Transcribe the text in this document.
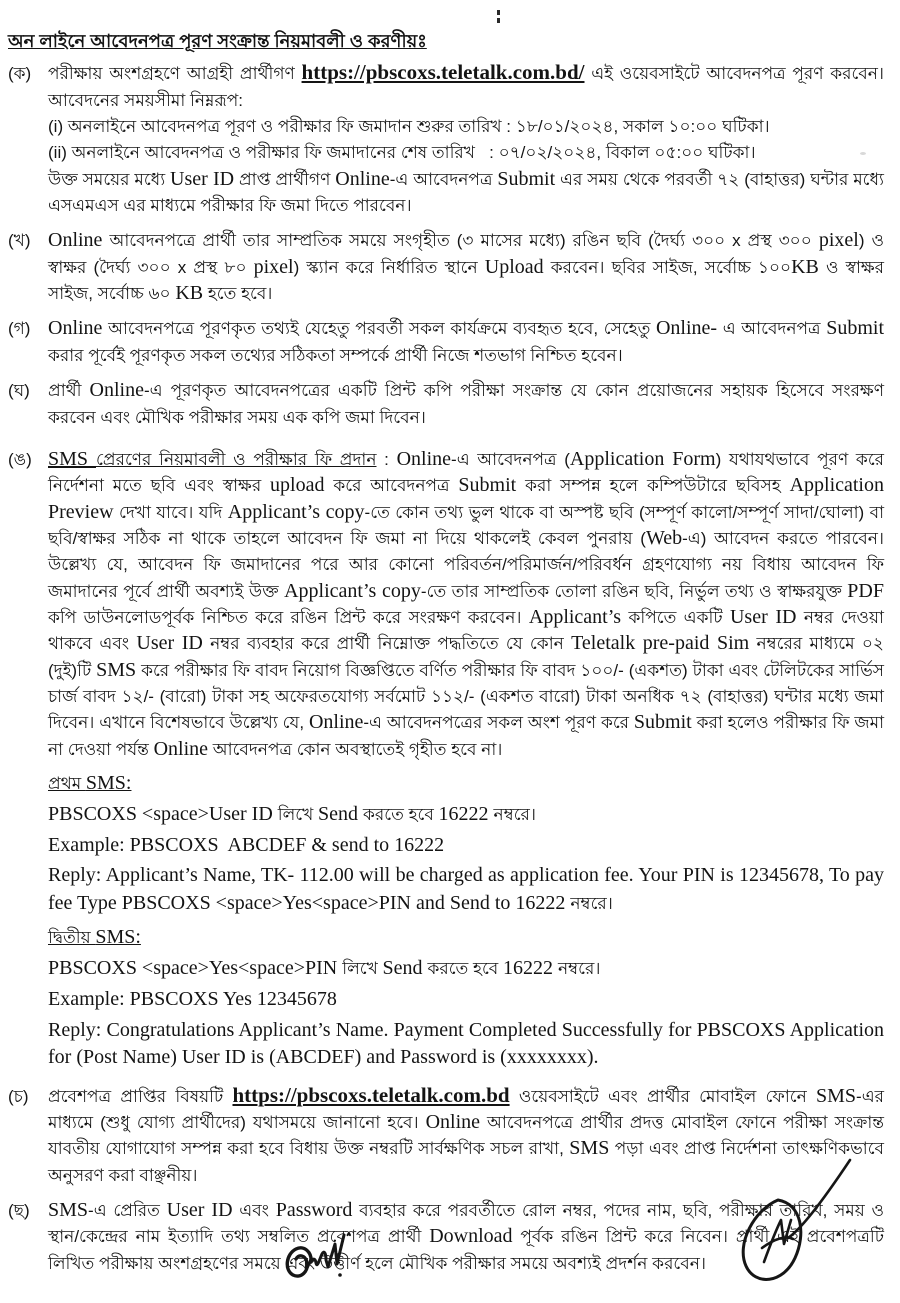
অন লাইনে আবেদনপত্র পূরণ সংক্রান্ত নিয়মাবলী ও করণীয়ঃ
(ক) পরীক্ষায় অংশগ্রহণে আগ্রহী প্রার্থীগণ https://pbscoxs.teletalk.com.bd/ এই ওয়েবসাইটে আবেদনপত্র পূরণ করবেন। আবেদনের সময়সীমা নিম্নরূপ:

(i) অনলাইনে আবেদনপত্র পূরণ ও পরীক্ষার ফি জমাদান শুরুর তারিখ : ১৮/০১/২০২৪, সকাল ১০:০০ ঘটিকা।

(ii) অনলাইনে আবেদনপত্র ও পরীক্ষার ফি জমাদানের শেষ তারিখ   : ০৭/০২/২০২৪, বিকাল ০৫:০০ ঘটিকা।

উক্ত সময়ের মধ্যে User ID প্রাপ্ত প্রার্থীগণ Online-এ আবেদনপত্র Submit এর সময় থেকে পরবর্তী ৭২ (বাহাত্তর) ঘন্টার মধ্যে এসএমএস এর মাধ্যমে পরীক্ষার ফি জমা দিতে পারবেন।

(খ) Online আবেদনপত্রে প্রার্থী তার সাম্প্রতিক সময়ে সংগৃহীত (৩ মাসের মধ্যে) রঙিন ছবি (দৈর্ঘ্য ৩০০ x প্রস্থ ৩০০ pixel) ও স্বাক্ষর (দৈর্ঘ্য ৩০০ x প্রস্থ ৮০ pixel) স্ক্যান করে নির্ধারিত স্থানে Upload করবেন। ছবির সাইজ, সর্বোচ্চ ১০০KB ও স্বাক্ষর সাইজ, সর্বোচ্চ ৬০ KB হতে হবে।

(গ) Online আবেদনপত্রে পূরণকৃত তথ্যই যেহেতু পরবর্তী সকল কার্যক্রমে ব্যবহৃত হবে, সেহেতু Online- এ আবেদনপত্র Submit করার পূর্বেই পূরণকৃত সকল তথ্যের সঠিকতা সম্পর্কে প্রার্থী নিজে শতভাগ নিশ্চিত হবেন।

(ঘ)	প্রার্থী Online-এ পূরণকৃত আবেদনপত্রের একটি প্রিন্ট কপি পরীক্ষা সংক্রান্ত যে কোন প্রয়োজনের সহায়ক হিসেবে সংরক্ষণ করবেন এবং মৌখিক পরীক্ষার সময় এক কপি জমা দিবেন।

(ঙ) SMS প্রেরণের নিয়মাবলী ও পরীক্ষার ফি প্রদান : Online-এ আবেদনপত্র (Application Form) যথাযথভাবে পূরণ করে নির্দেশনা মতে ছবি এবং স্বাক্ষর upload করে আবেদনপত্র Submit করা সম্পন্ন হলে কম্পিউটারে ছবিসহ Application Preview দেখা যাবে। যদি Applicant’s copy-তে কোন তথ্য ভুল থাকে বা অস্পষ্ট ছবি (সম্পূর্ণ কালো/সম্পূর্ণ সাদা/ঘোলা) বা ছবি/স্বাক্ষর সঠিক না থাকে তাহলে আবেদন ফি জমা না দিয়ে থাকলেই কেবল পুনরায় (Web-এ) আবেদন করতে পারবেন। উল্লেখ্য যে, আবেদন ফি জমাদানের পরে আর কোনো পরিবর্তন/পরিমার্জন/পরিবর্ধন গ্রহণযোগ্য নয় বিধায় আবেদন ফি জমাদানের পূর্বে প্রার্থী অবশ্যই উক্ত Applicant’s copy-তে তার সাম্প্রতিক তোলা রঙিন ছবি, নির্ভুল তথ্য ও স্বাক্ষরযুক্ত PDF কপি ডাউনলোডপূর্বক নিশ্চিত করে রঙিন প্রিন্ট করে সংরক্ষণ করবেন। Applicant’s কপিতে একটি User ID নম্বর দেওয়া থাকবে এবং User ID নম্বর ব্যবহার করে প্রার্থী নিম্নোক্ত পদ্ধতিতে যে কোন Teletalk pre-paid Sim নম্বরের মাধ্যমে ০২ (দুই)টি SMS করে পরীক্ষার ফি বাবদ নিয়োগ বিজ্ঞপ্তিতে বর্ণিত পরীক্ষার ফি বাবদ ১০০/- (একশত) টাকা এবং টেলিটকের সার্ভিস চার্জ বাবদ ১২/- (বারো) টাকা সহ অফেরতযোগ্য সর্বমোট ১১২/- (একশত বারো) টাকা অনধিক ৭২ (বাহাত্তর) ঘন্টার মধ্যে জমা দিবেন। এখানে বিশেষভাবে উল্লেখ্য যে, Online-এ আবেদনপত্রের সকল অংশ পূরণ করে Submit করা হলেও পরীক্ষার ফি জমা না দেওয়া পর্যন্ত Online আবেদনপত্র কোন অবস্থাতেই গৃহীত হবে না।

প্রথম SMS:

PBSCOXS <space>User ID লিখে Send করতে হবে 16222 নম্বরে।

Example: PBSCOXS  ABCDEF & send to 16222

Reply: Applicant’s Name, TK- 112.00 will be charged as application fee. Your PIN is 12345678, To pay fee Type PBSCOXS <space>Yes<space>PIN and Send to 16222 নম্বরে।

দ্বিতীয় SMS:

PBSCOXS <space>Yes<space>PIN লিখে Send করতে হবে 16222 নম্বরে।

Example: PBSCOXS Yes 12345678

Reply: Congratulations Applicant’s Name. Payment Completed Successfully for PBSCOXS Application for (Post Name) User ID is (ABCDEF) and Password is (xxxxxxxx).

(চ)	প্রবেশপত্র প্রাপ্তির বিষয়টি https://pbscoxs.teletalk.com.bd ওয়েবসাইটে এবং প্রার্থীর মোবাইল ফোনে SMS-এর মাধ্যমে (শুধু যোগ্য প্রার্থীদের) যথাসময়ে জানানো হবে। Online আবেদনপত্রে প্রার্থীর প্রদত্ত মোবাইল ফোনে পরীক্ষা সংক্রান্ত যাবতীয় যোগাযোগ সম্পন্ন করা হবে বিধায় উক্ত নম্বরটি সার্বক্ষণিক সচল রাখা, SMS পড়া এবং প্রাপ্ত নির্দেশনা তাৎক্ষণিকভাবে অনুসরণ করা বাঞ্ছনীয়।

(ছ) SMS-এ প্রেরিত User ID এবং Password ব্যবহার করে পরবর্তীতে রোল নম্বর, পদের নাম, ছবি, পরীক্ষার তারিখ, সময় ও স্থান/কেন্দ্রের নাম ইত্যাদি তথ্য সম্বলিত প্রবেশপত্র প্রার্থী Download পূর্বক রঙিন প্রিন্ট করে নিবেন। প্রার্থী এই প্রবেশপত্রটি লিখিত পরীক্ষায় অংশগ্রহণের সময়ে এবং উত্তীর্ণ হলে মৌখিক পরীক্ষার সময়ে অবশ্যই প্রদর্শন করবেন।
